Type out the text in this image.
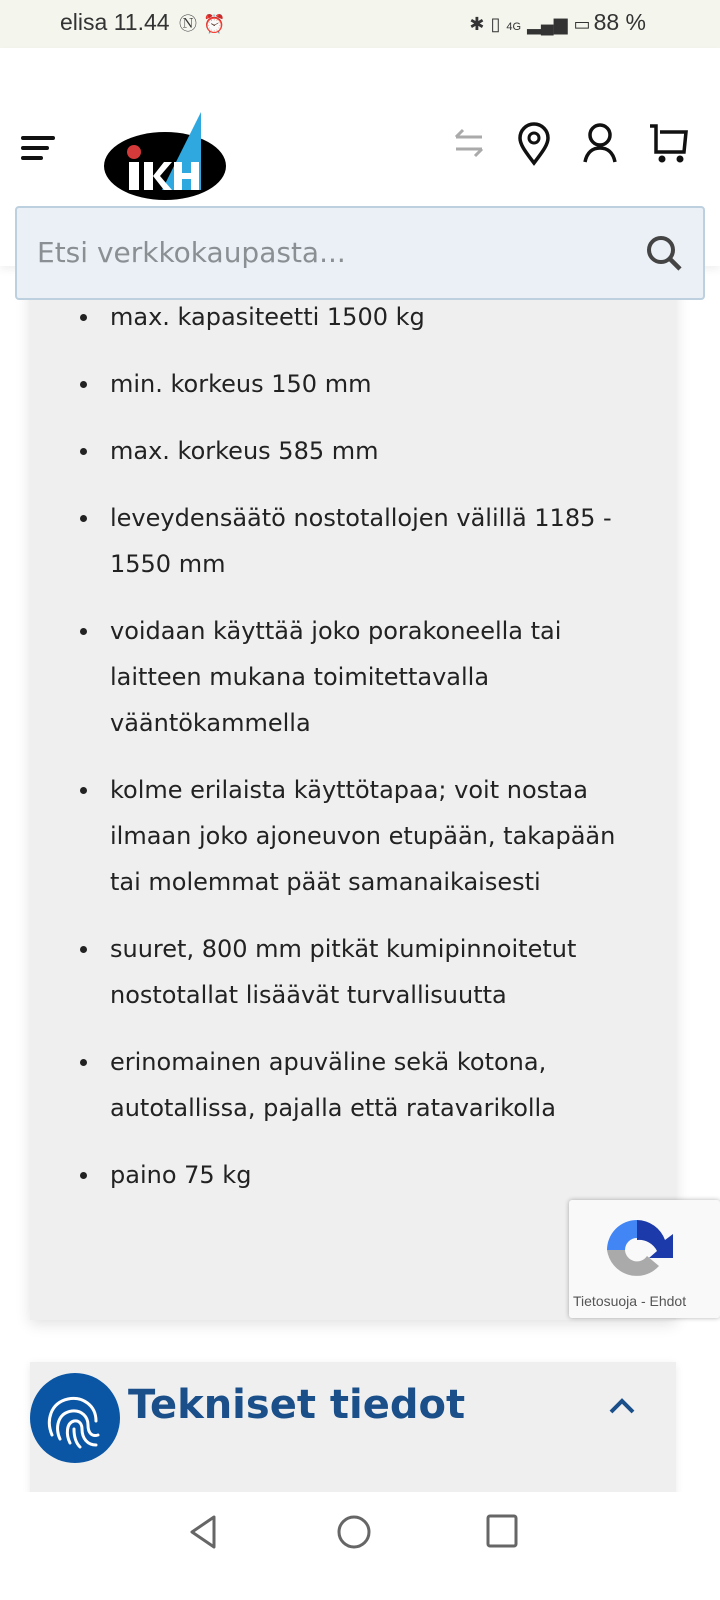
elisa 11.44 Ⓝ ⏰	✱ ▯ 4G ▂▄▆ ▭ 88 %
Etsi verkkokaupasta...
max. kapasiteetti 1500 kg
min. korkeus 150 mm
max. korkeus 585 mm
leveydensäätö nostotallojen välillä 1185 - 1550 mm
voidaan käyttää joko porakoneella tai laitteen mukana toimitettavalla vääntökammella
kolme erilaista käyttötapaa; voit nostaa ilmaan joko ajoneuvon etupään, takapään tai molemmat päät samanaikaisesti
suuret, 800 mm pitkät kumipinnoitetut nostotallat lisäävät turvallisuutta
erinomainen apuväline sekä kotona, autotallissa, pajalla että ratavarikolla
paino 75 kg
Tekniset tiedot
Tietosuoja - Ehdot
